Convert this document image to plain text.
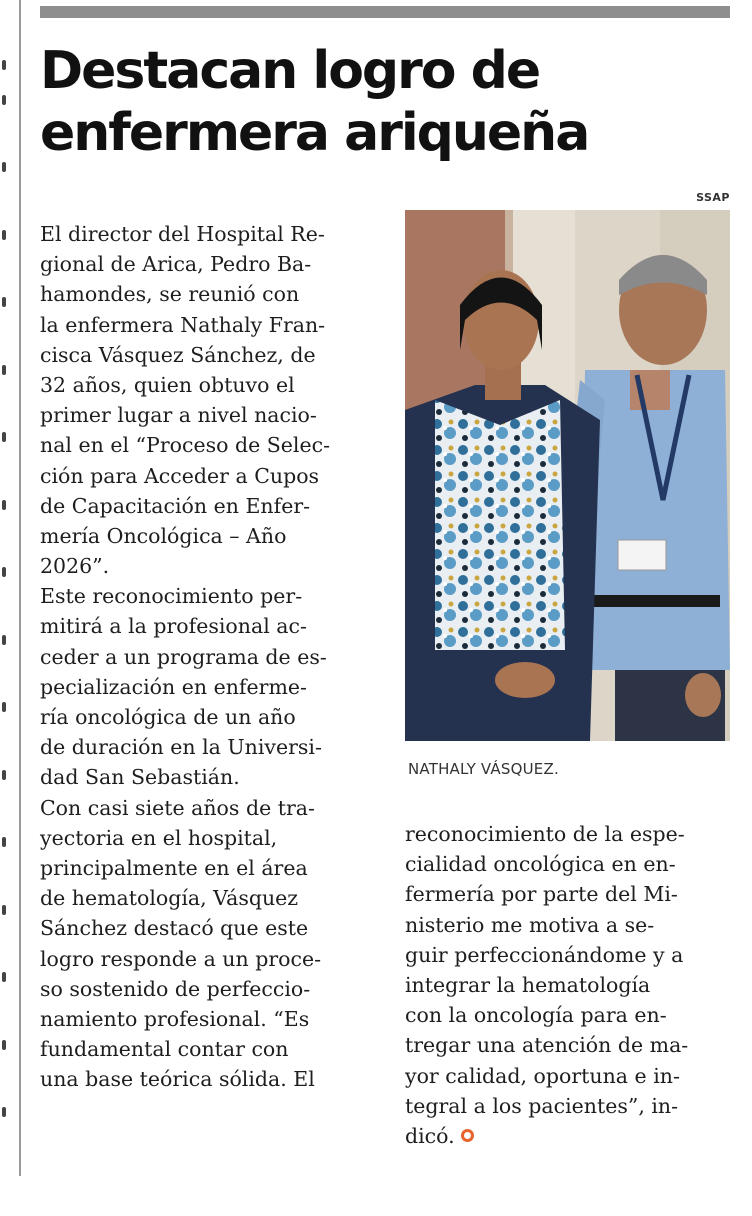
Destacan logro de
enfermera ariqueña
SSAP
El director del Hospital Re-
gional de Arica, Pedro Ba-
hamondes, se reunió con
la enfermera Nathaly Fran-
cisca Vásquez Sánchez, de
32 años, quien obtuvo el
primer lugar a nivel nacio-
nal en el “Proceso de Selec-
ción para Acceder a Cupos
de Capacitación en Enfer-
mería Oncológica – Año
2026”.
Este reconocimiento per-
mitirá a la profesional ac-
ceder a un programa de es-
pecialización en enferme-
ría oncológica de un año
de duración en la Universi-
dad San Sebastián.
Con casi siete años de tra-
yectoria en el hospital,
principalmente en el área
de hematología, Vásquez
Sánchez destacó que este
logro responde a un proce-
so sostenido de perfeccio-
namiento profesional. “Es
fundamental contar con
una base teórica sólida. El
NATHALY VÁSQUEZ.
reconocimiento de la espe-
cialidad oncológica en en-
fermería por parte del Mi-
nisterio me motiva a se-
guir perfeccionándome y a
integrar la hematología
con la oncología para en-
tregar una atención de ma-
yor calidad, oportuna e in-
tegral a los pacientes”, in-
dicó.
